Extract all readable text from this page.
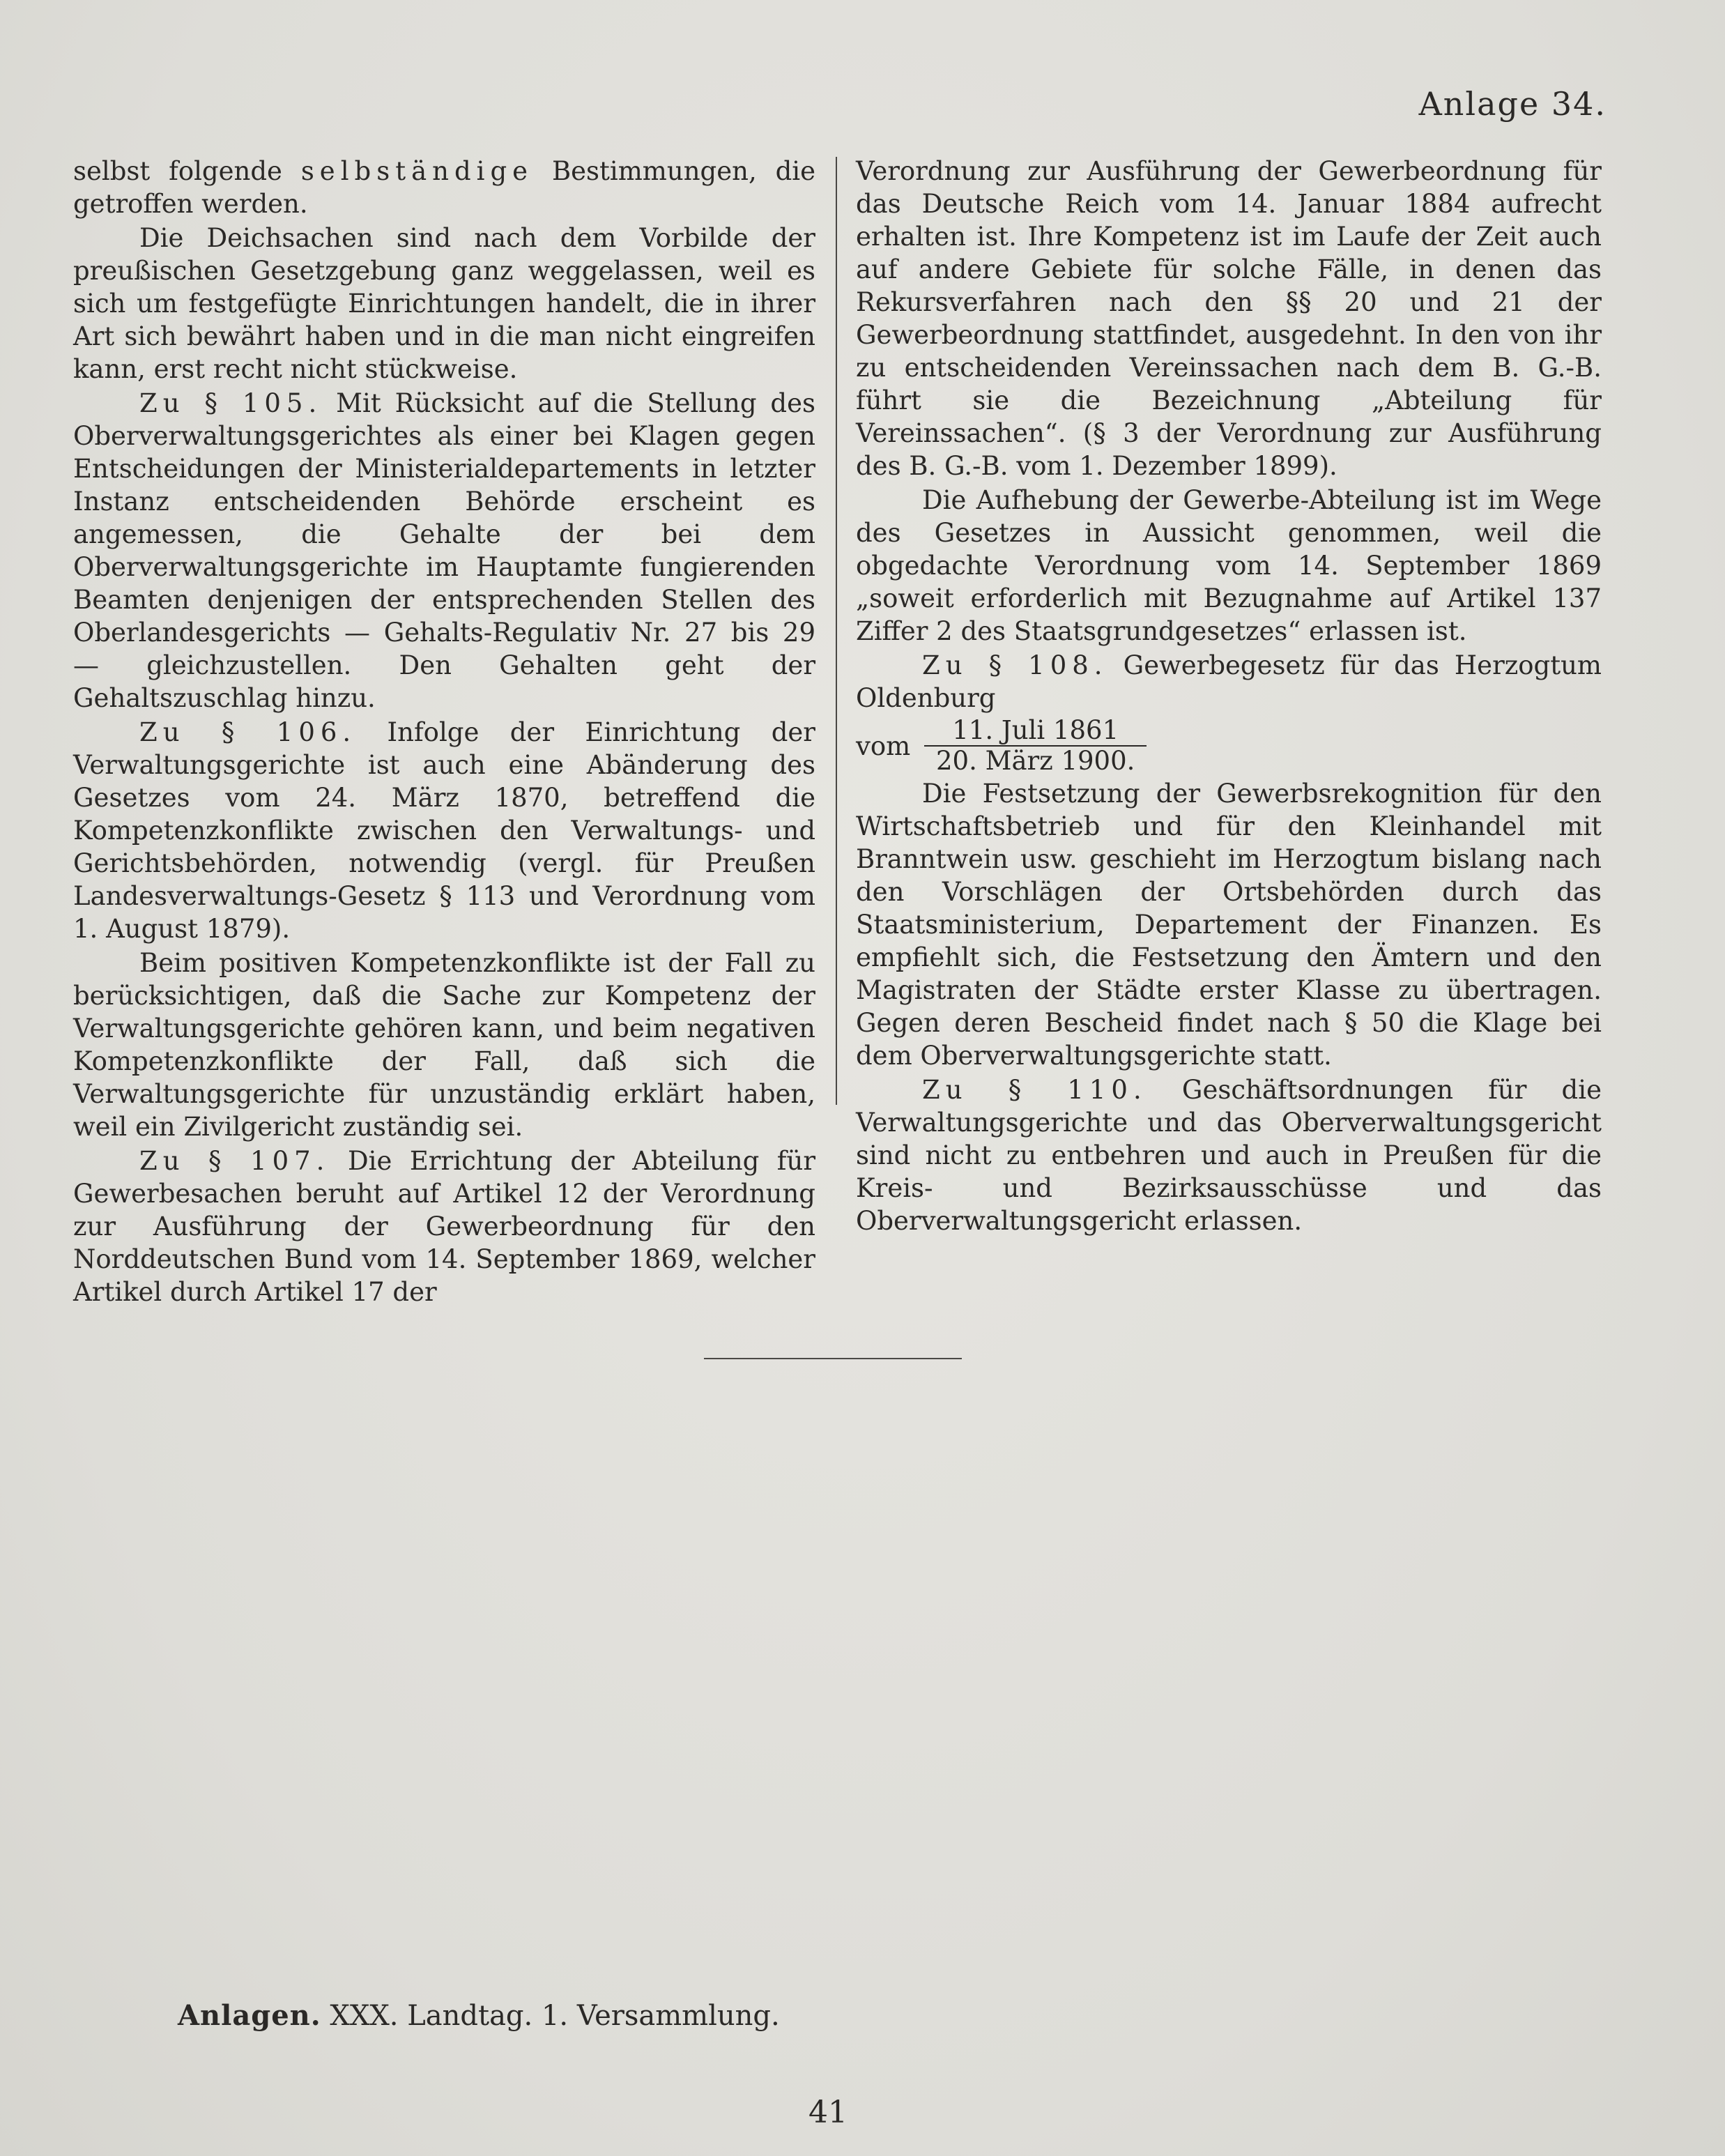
Anlage 34.

selbst folgende selbständige Bestimmungen, die getroffen werden.

Die Deichsachen sind nach dem Vorbilde der preußischen Gesetzgebung ganz weggelassen, weil es sich um festgefügte Einrichtungen handelt, die in ihrer Art sich bewährt haben und in die man nicht eingreifen kann, erst recht nicht stückweise.

Zu § 105. Mit Rücksicht auf die Stellung des Oberverwaltungsgerichtes als einer bei Klagen gegen Entscheidungen der Ministerialdepartements in letzter Instanz entscheidenden Behörde erscheint es angemessen, die Gehalte der bei dem Oberverwaltungsgerichte im Hauptamte fungierenden Beamten denjenigen der entsprechenden Stellen des Oberlandesgerichts — Gehalts-Regulativ Nr. 27 bis 29 — gleichzustellen. Den Gehalten geht der Gehaltszuschlag hinzu.

Zu § 106. Infolge der Einrichtung der Verwaltungsgerichte ist auch eine Abänderung des Gesetzes vom 24. März 1870, betreffend die Kompetenzkonflikte zwischen den Verwaltungs- und Gerichtsbehörden, notwendig (vergl. für Preußen Landesverwaltungs-Gesetz § 113 und Verordnung vom 1. August 1879).

Beim positiven Kompetenzkonflikte ist der Fall zu berücksichtigen, daß die Sache zur Kompetenz der Verwaltungsgerichte gehören kann, und beim negativen Kompetenzkonflikte der Fall, daß sich die Verwaltungsgerichte für unzuständig erklärt haben, weil ein Zivilgericht zuständig sei.

Zu § 107. Die Errichtung der Abteilung für Gewerbesachen beruht auf Artikel 12 der Verordnung zur Ausführung der Gewerbeordnung für den Norddeutschen Bund vom 14. September 1869, welcher Artikel durch Artikel 17 der

Verordnung zur Ausführung der Gewerbeordnung für das Deutsche Reich vom 14. Januar 1884 aufrecht erhalten ist. Ihre Kompetenz ist im Laufe der Zeit auch auf andere Gebiete für solche Fälle, in denen das Rekursverfahren nach den §§ 20 und 21 der Gewerbeordnung stattfindet, ausgedehnt. In den von ihr zu entscheidenden Vereinssachen nach dem B. G.-B. führt sie die Bezeichnung „Abteilung für Vereinssachen“. (§ 3 der Verordnung zur Ausführung des B. G.-B. vom 1. Dezember 1899).

Die Aufhebung der Gewerbe-Abteilung ist im Wege des Gesetzes in Aussicht genommen, weil die obgedachte Verordnung vom 14. September 1869 „soweit erforderlich mit Bezugnahme auf Artikel 137 Ziffer 2 des Staatsgrundgesetzes“ erlassen ist.

Zu § 108. Gewerbegesetz für das Herzogtum Oldenburg

vom $\frac{\text{11. Juli 1861}}{\text{20. März 1900.}}$

Die Festsetzung der Gewerbsrekognition für den Wirtschaftsbetrieb und für den Kleinhandel mit Branntwein usw. geschieht im Herzogtum bislang nach den Vorschlägen der Ortsbehörden durch das Staatsministerium, Departement der Finanzen. Es empfiehlt sich, die Festsetzung den Ämtern und den Magistraten der Städte erster Klasse zu übertragen. Gegen deren Bescheid findet nach § 50 die Klage bei dem Oberverwaltungsgerichte statt.

Zu § 110. Geschäftsordnungen für die Verwaltungsgerichte und das Oberverwaltungsgericht sind nicht zu entbehren und auch in Preußen für die Kreis- und Bezirksausschüsse und das Oberverwaltungsgericht erlassen.

Anlagen. XXX. Landtag. 1. Versammlung.
41
